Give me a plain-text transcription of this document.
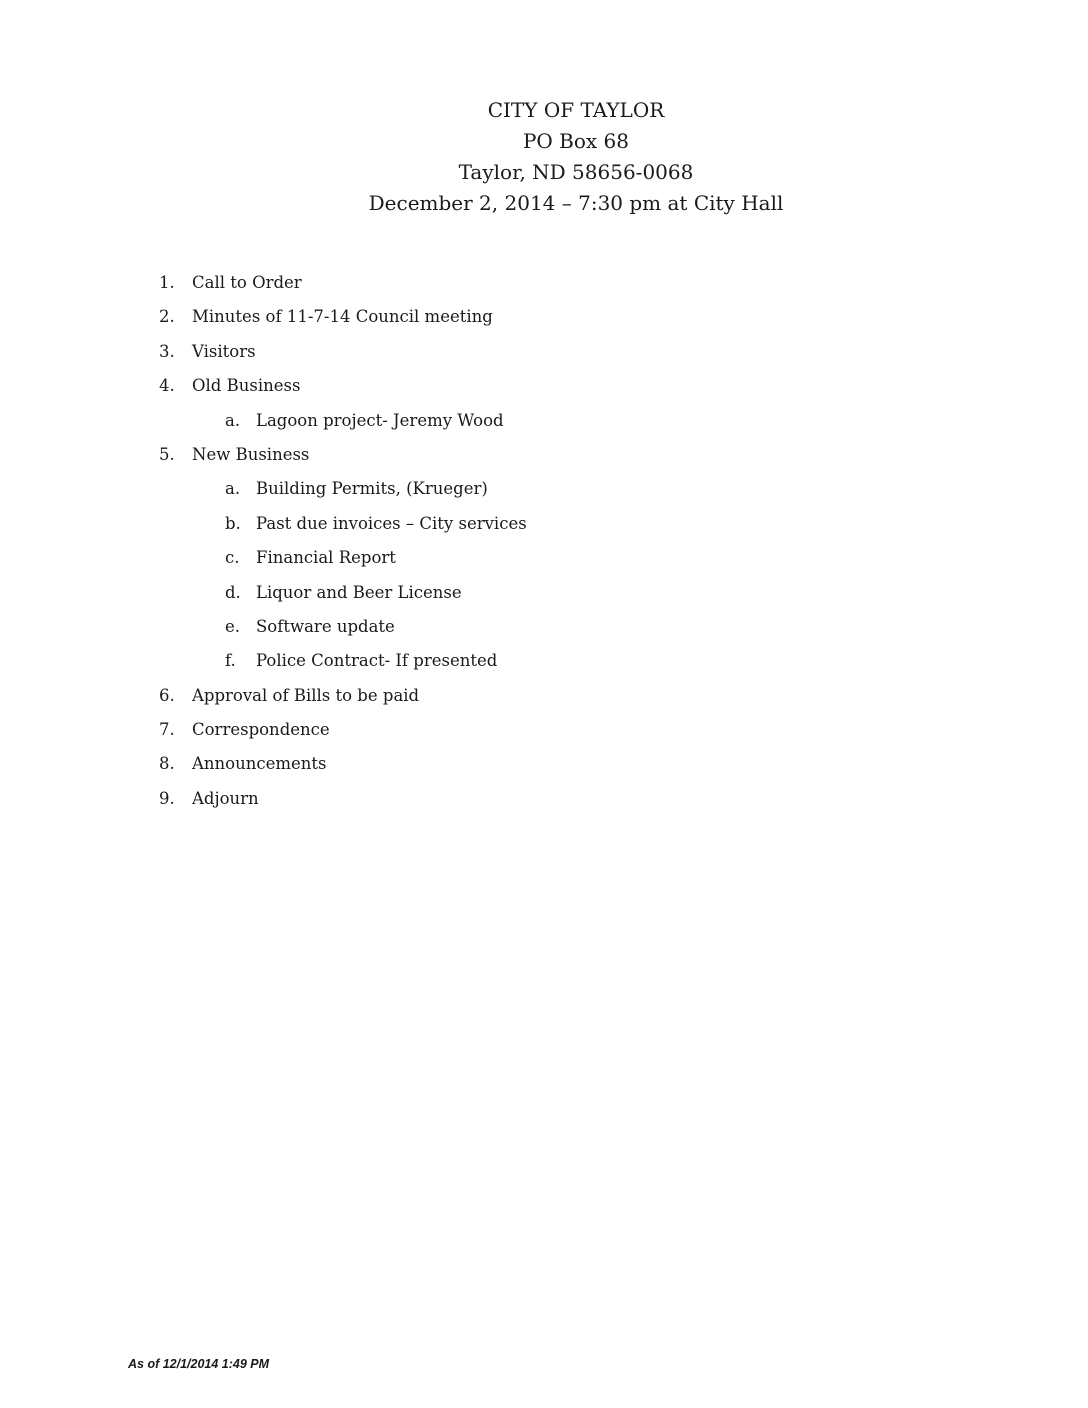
CITY OF TAYLOR
PO Box 68
Taylor, ND 58656-0068
December 2, 2014 – 7:30 pm at City Hall
1.	Call to Order
2.	Minutes of 11-7-14 Council meeting
3.	Visitors
4.	Old Business
a. Lagoon project- Jeremy Wood
5.	New Business
a. Building Permits, (Krueger)
b. Past due invoices – City services
c.	Financial Report
d. Liquor and Beer License
e. Software update
f.	Police Contract- If presented
6.	Approval of Bills to be paid
7.	Correspondence
8.	Announcements
9.	Adjourn
As of 12/1/2014 1:49 PM
